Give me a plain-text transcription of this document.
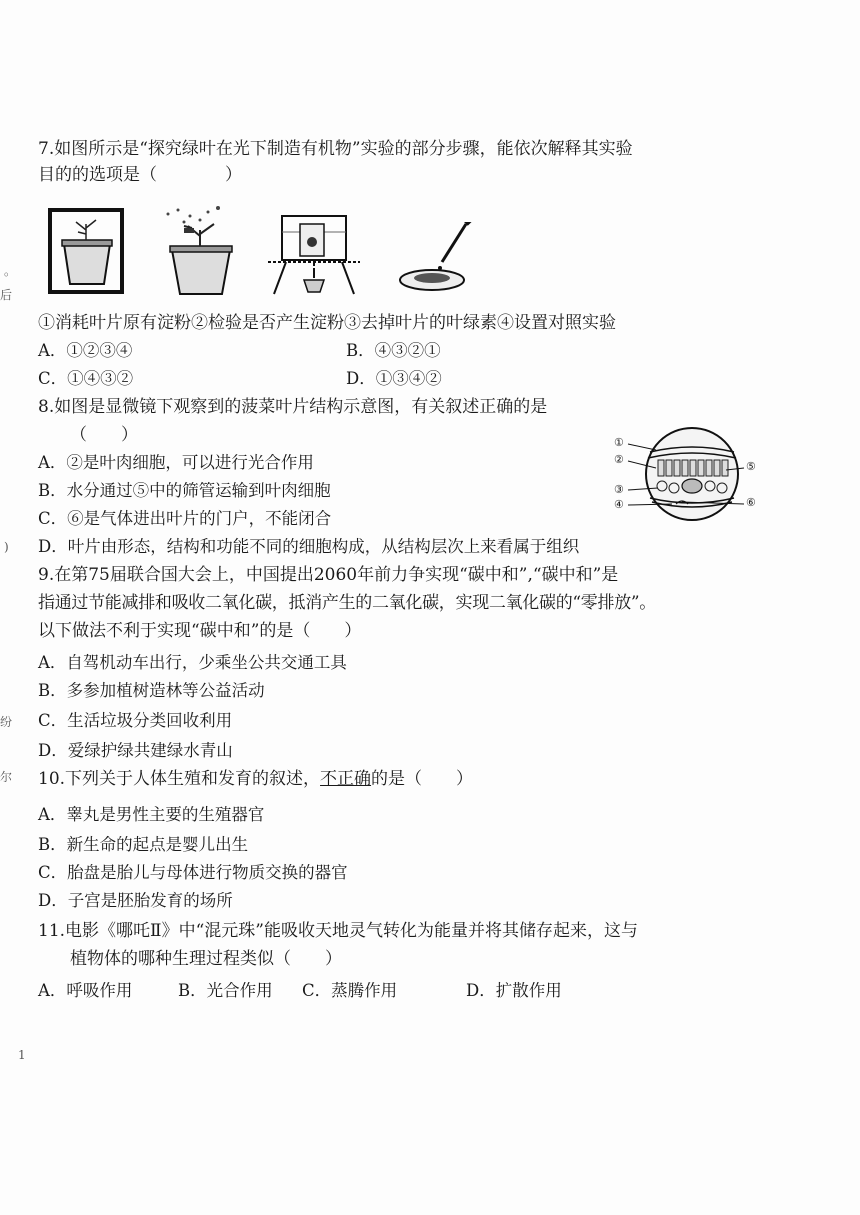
。
后
)
纷
尔
1
7.如图所示是“探究绿叶在光下制造有机物”实验的部分步骤，能依次解释其实验
目的的选项是（　　　　）
①消耗叶片原有淀粉②检验是否产生淀粉③去掉叶片的叶绿素④设置对照实验
A．①②③④	B．④③②①
C．①④③②	D．①③④②
8.如图是显微镜下观察到的菠菜叶片结构示意图，有关叙述正确的是
（　　）
A．②是叶肉细胞，可以进行光合作用
B．水分通过⑤中的筛管运输到叶肉细胞
C．⑥是气体进出叶片的门户，不能闭合
D．叶片由形态，结构和功能不同的细胞构成，从结构层次上来看属于组织
①
②
③
④
⑤
⑥
9.在第75届联合国大会上，中国提出2060年前力争实现“碳中和”,“碳中和”是
指通过节能减排和吸收二氧化碳，抵消产生的二氧化碳，实现二氧化碳的“零排放”。
以下做法不利于实现“碳中和”的是（　　）
A．自驾机动车出行，少乘坐公共交通工具
B．多参加植树造林等公益活动
C．生活垃圾分类回收利用
D．爱绿护绿共建绿水青山
10.下列关于人体生殖和发育的叙述，不正确的是（　　）
A．睾丸是男性主要的生殖器官
B．新生命的起点是婴儿出生
C．胎盘是胎儿与母体进行物质交换的器官
D．子宫是胚胎发育的场所
11.电影《哪吒Ⅱ》中“混元珠”能吸收天地灵气转化为能量并将其储存起来，这与
植物体的哪种生理过程类似（　　）
A．呼吸作用	B．光合作用 C．蒸腾作用	D．扩散作用
